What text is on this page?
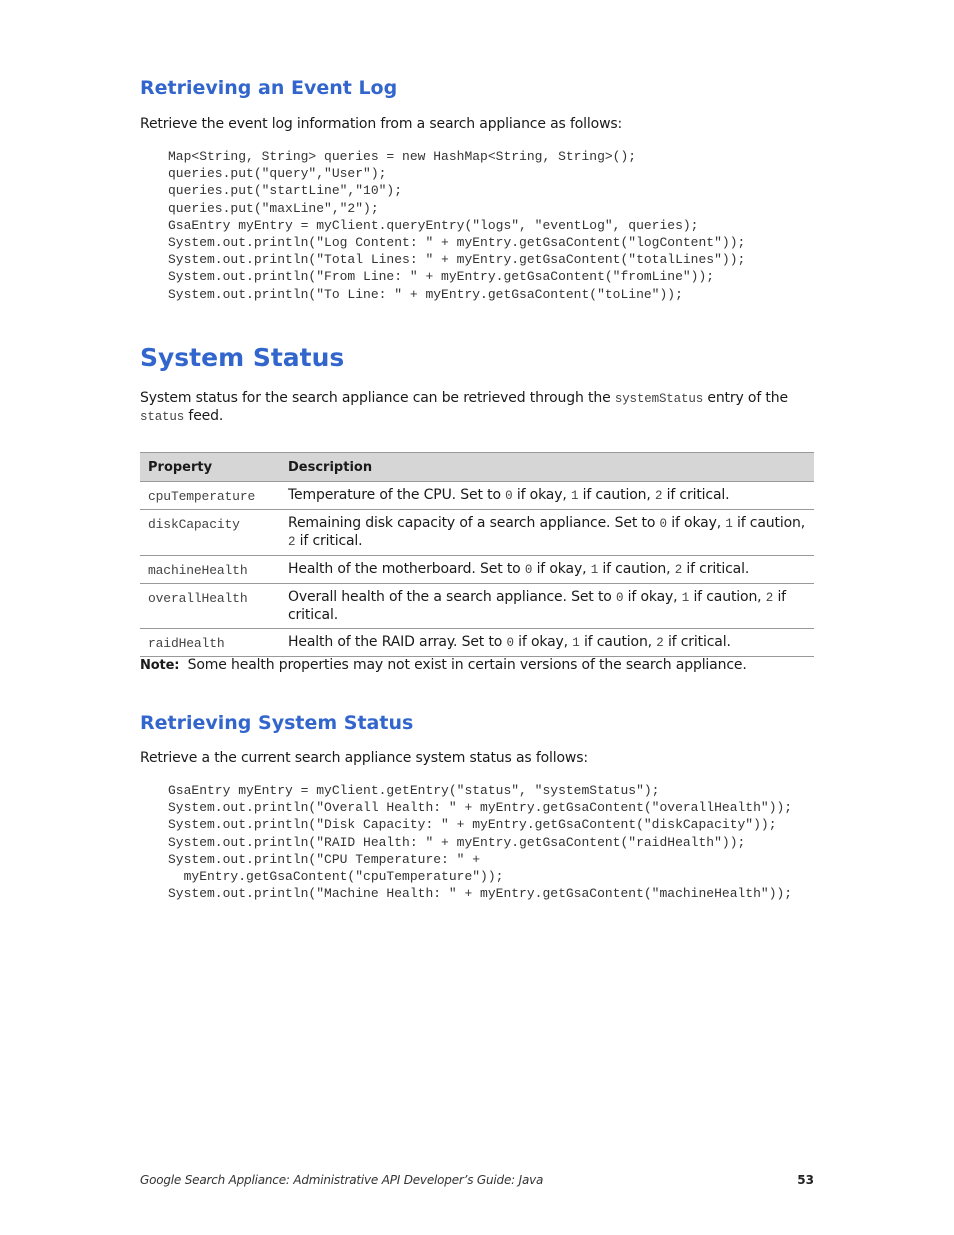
Retrieving an Event Log
Retrieve the event log information from a search appliance as follows:
Map<String, String> queries = new HashMap<String, String>();
queries.put("query","User");
queries.put("startLine","10");
queries.put("maxLine","2");
GsaEntry myEntry = myClient.queryEntry("logs", "eventLog", queries);
System.out.println("Log Content: " + myEntry.getGsaContent("logContent"));
System.out.println("Total Lines: " + myEntry.getGsaContent("totalLines"));
System.out.println("From Line: " + myEntry.getGsaContent("fromLine"));
System.out.println("To Line: " + myEntry.getGsaContent("toLine"));
System Status
System status for the search appliance can be retrieved through the systemStatus entry of the status feed.
Property	Description
cpuTemperature	Temperature of the CPU. Set to 0 if okay, 1 if caution, 2 if critical.
diskCapacity	Remaining disk capacity of a search appliance. Set to 0 if okay, 1 if caution, 2 if critical.
machineHealth	Health of the motherboard. Set to 0 if okay, 1 if caution, 2 if critical.
overallHealth	Overall health of the a search appliance. Set to 0 if okay, 1 if caution, 2 if critical.
raidHealth	Health of the RAID array. Set to 0 if okay, 1 if caution, 2 if critical.
Note: Some health properties may not exist in certain versions of the search appliance.
Retrieving System Status
Retrieve a the current search appliance system status as follows:
GsaEntry myEntry = myClient.getEntry("status", "systemStatus");
System.out.println("Overall Health: " + myEntry.getGsaContent("overallHealth"));
System.out.println("Disk Capacity: " + myEntry.getGsaContent("diskCapacity"));
System.out.println("RAID Health: " + myEntry.getGsaContent("raidHealth"));
System.out.println("CPU Temperature: " +
myEntry.getGsaContent("cpuTemperature"));
System.out.println("Machine Health: " + myEntry.getGsaContent("machineHealth"));
Google Search Appliance: Administrative API Developer’s Guide: Java	53
